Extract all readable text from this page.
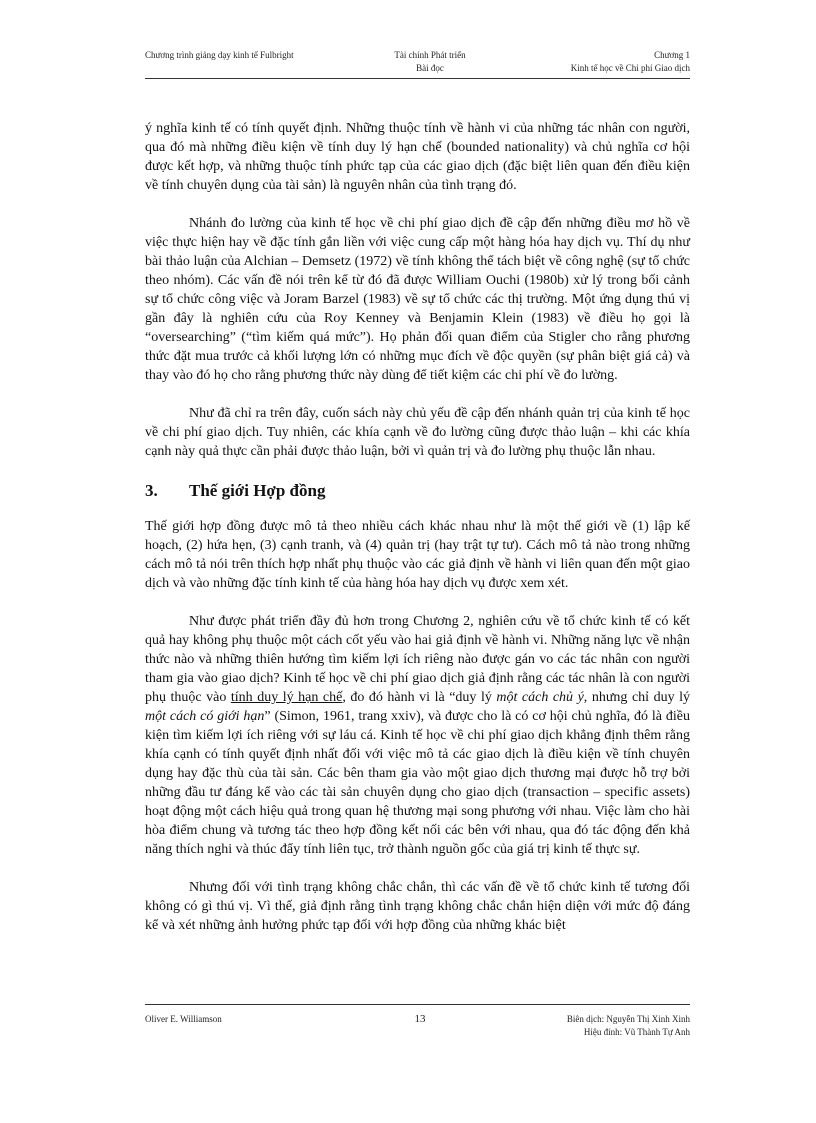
Chương trình giảng dạy kinh tế Fulbright	Tài chính Phát triển
Bài đọc
Chương 1
Kinh tế học về Chi phí Giao dịch

ý nghĩa kinh tế có tính quyết định. Những thuộc tính về hành vi của những tác nhân con người, qua đó mà những điều kiện về tính duy lý hạn chế (bounded nationality) và chủ nghĩa cơ hội được kết hợp, và những thuộc tính phức tạp của các giao dịch (đặc biệt liên quan đến điều kiện về tính chuyên dụng của tài sản) là nguyên nhân của tình trạng đó.

Nhánh đo lường của kinh tế học về chi phí giao dịch đề cập đến những điều mơ hồ về việc thực hiện hay về đặc tính gắn liền với việc cung cấp một hàng hóa hay dịch vụ. Thí dụ như bài thảo luận của Alchian – Demsetz (1972) về tính không thể tách biệt về công nghệ (sự tổ chức theo nhóm). Các vấn đề nói trên kể từ đó đã được William Ouchi (1980b) xử lý trong bối cảnh sự tổ chức công việc và Joram Barzel (1983) về sự tổ chức các thị trường. Một ứng dụng thú vị gần đây là nghiên cứu của Roy Kenney và Benjamin Klein (1983) về điều họ gọi là “oversearching” (“tìm kiếm quá mức”). Họ phản đối quan điểm của Stigler cho rằng phương thức đặt mua trước cả khối lượng lớn có những mục đích về độc quyền (sự phân biệt giá cả) và thay vào đó họ cho rằng phương thức này dùng để tiết kiệm các chi phí về đo lường.

Như đã chỉ ra trên đây, cuốn sách này chủ yếu đề cập đến nhánh quản trị của kinh tế học về chi phí giao dịch. Tuy nhiên, các khía cạnh về đo lường cũng được thảo luận – khi các khía cạnh này quả thực cần phải được thảo luận, bởi vì quản trị và đo lường phụ thuộc lẫn nhau.

3. Thế giới Hợp đồng

Thế giới hợp đồng được mô tả theo nhiều cách khác nhau như là một thế giới về (1) lập kế hoạch, (2) hứa hẹn, (3) cạnh tranh, và (4) quản trị (hay trật tự tư). Cách mô tả nào trong những cách mô tả nói trên thích hợp nhất phụ thuộc vào các giả định về hành vi liên quan đến một giao dịch và vào những đặc tính kinh tế của hàng hóa hay dịch vụ được xem xét.

Như được phát triển đầy đủ hơn trong Chương 2, nghiên cứu về tổ chức kinh tế có kết quả hay không phụ thuộc một cách cốt yếu vào hai giả định về hành vi. Những năng lực về nhận thức nào và những thiên hướng tìm kiếm lợi ích riêng nào được gán vo các tác nhân con người tham gia vào giao dịch? Kinh tế học về chi phí giao dịch giả định rằng các tác nhân là con người phụ thuộc vào tính duy lý hạn chế, đo đó hành vi là “duy lý một cách chủ ý, nhưng chỉ duy lý một cách có giới hạn” (Simon, 1961, trang xxiv), và được cho là có cơ hội chủ nghĩa, đó là điều kiện tìm kiếm lợi ích riêng với sự láu cá. Kinh tế học về chi phí giao dịch khẳng định thêm rằng khía cạnh có tính quyết định nhất đối với việc mô tả các giao dịch là điều kiện về tính chuyên dụng hay đặc thù của tài sản. Các bên tham gia vào một giao dịch thương mại được hỗ trợ bởi những đầu tư đáng kể vào các tài sản chuyên dụng cho giao dịch (transaction – specific assets) hoạt động một cách hiệu quả trong quan hệ thương mại song phương với nhau. Việc làm cho hài hòa điểm chung và tương tác theo hợp đồng kết nối các bên với nhau, qua đó tác động đến khả năng thích nghi và thúc đẩy tính liên tục, trở thành nguồn gốc của giá trị kinh tế thực sự.

Nhưng đối với tình trạng không chắc chắn, thì các vấn đề về tổ chức kinh tế tương đối không có gì thú vị. Vì thế, giả định rằng tình trạng không chắc chắn hiện diện với mức độ đáng kể và xét những ảnh hưởng phức tạp đối với hợp đồng của những khác biệt

Oliver E. Williamson	13	Biên dịch: Nguyễn Thị Xinh Xinh
Hiệu đính: Vũ Thành Tự Anh
